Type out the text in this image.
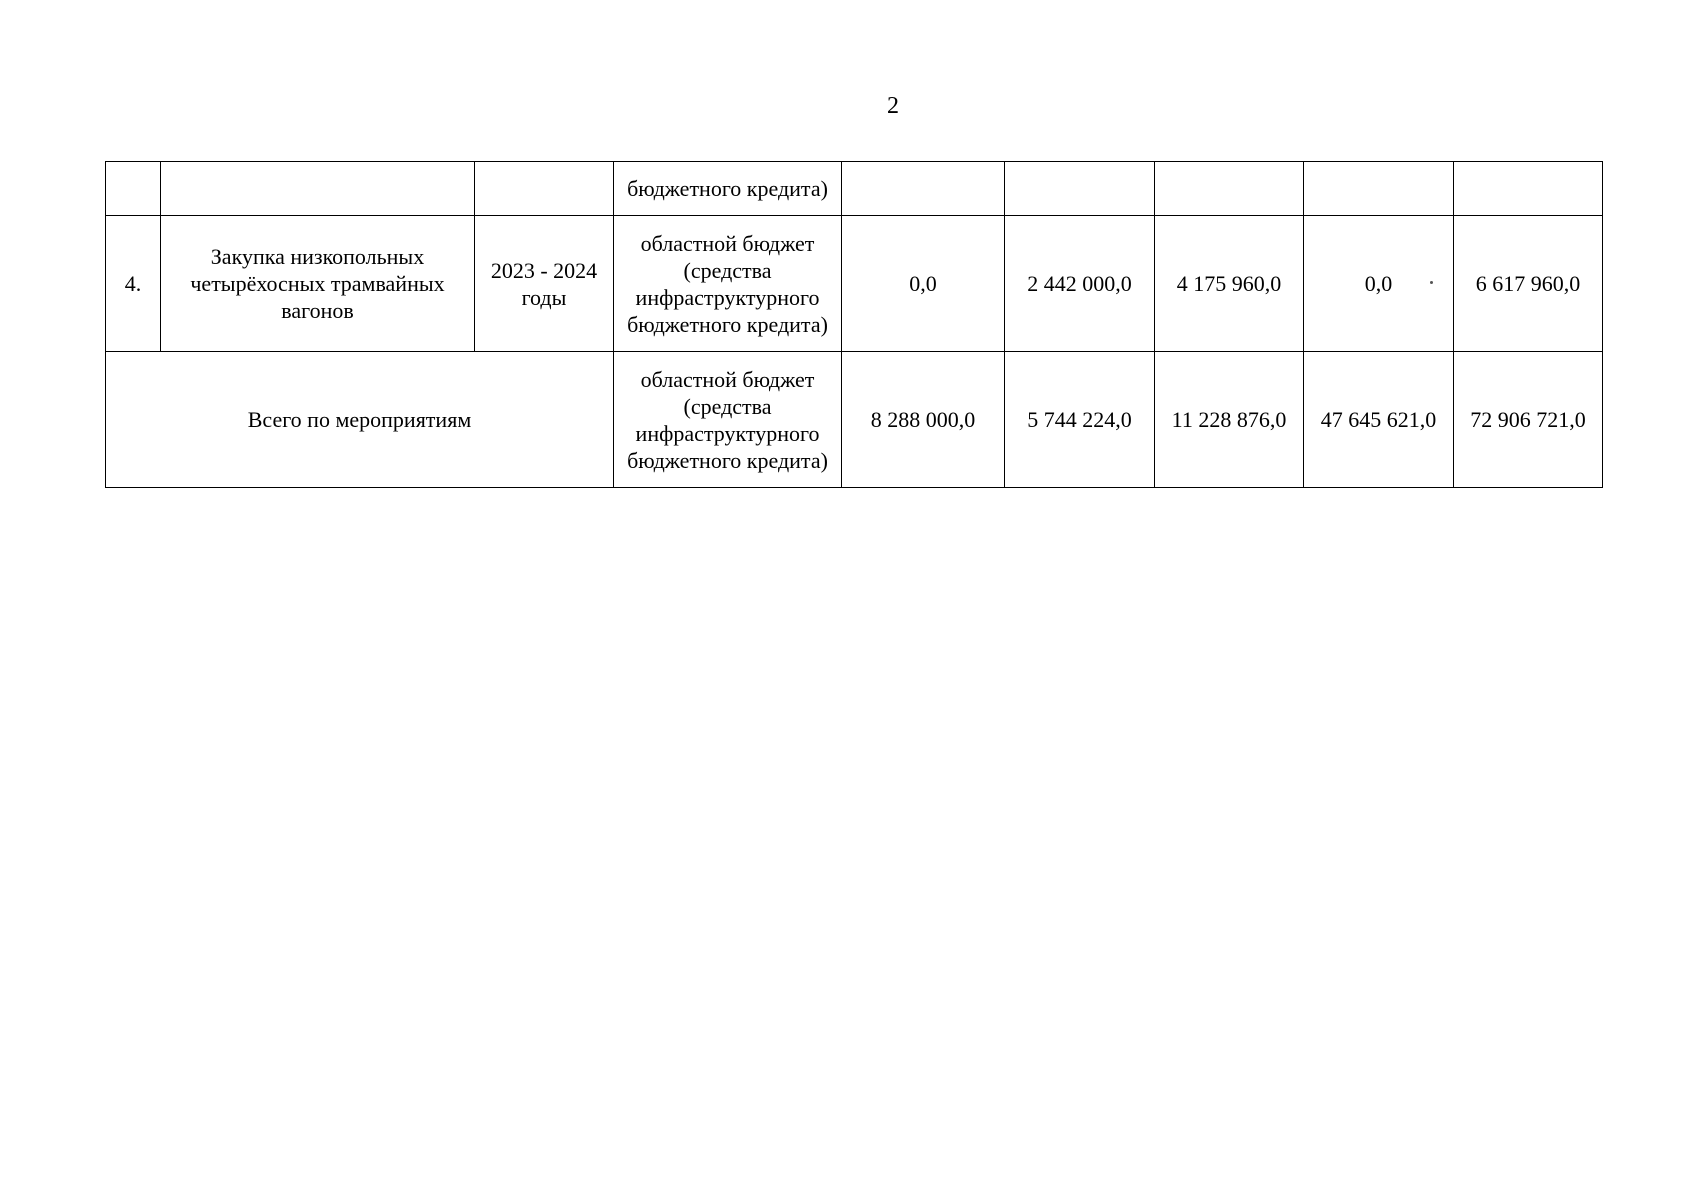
2
			бюджетного кредита)					
4.	Закупка низкопольных четырёхосных трамвайных вагонов	2023 - 2024 годы	областной бюджет (средства инфраструктурного бюджетного кредита)	0,0	2 442 000,0	4 175 960,0	0,0	6 617 960,0
Всего по мероприятиям			областной бюджет (средства инфраструктурного бюджетного кредита)	8 288 000,0	5 744 224,0	11 228 876,0	47 645 621,0	72 906 721,0
